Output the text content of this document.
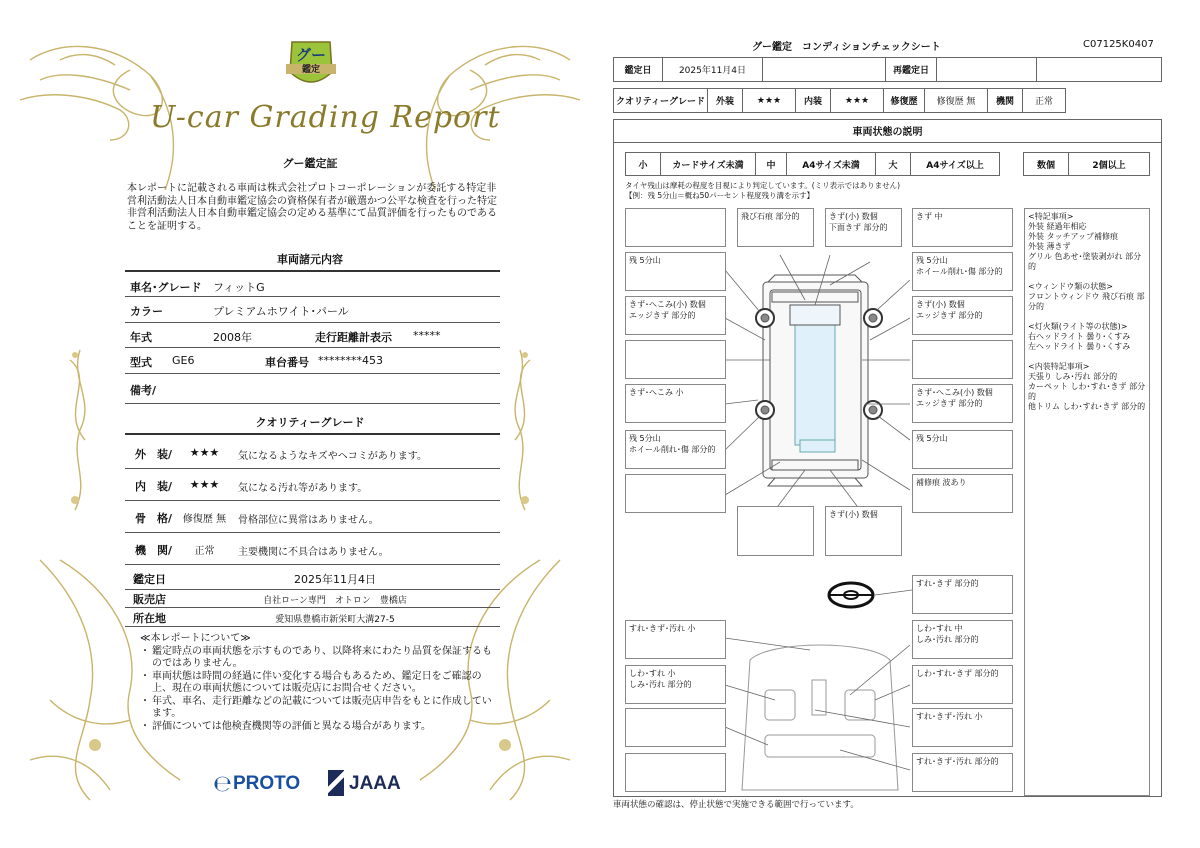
グー
鑑定
U-car Grading Report
グー鑑定証
本レポートに記載される車両は株式会社プロトコーポレーションが委託する特定非営利活動法人日本自動車鑑定協会の資格保有者が厳選かつ公平な検査を行った特定非営利活動法人日本自動車鑑定協会の定める基準にて品質評価を行ったものであることを証明する。
車両諸元内容
車名･グレード フィットG
カラー	プレミアムホワイト･パール
年式	2008年	走行距離計表示 *****
型式 GE6	車台番号 ********453
備考/
クオリティーグレード
外　装/	★★★	気になるようなキズやヘコミがあります。
内　装/	★★★	気になる汚れ等があります。
骨　格/ 修復歴 無 骨格部位に異常はありません。
機　関/	正常	主要機関に不具合はありません。
鑑定日	2025年11月4日
販売店	自社ローン専門　オトロン　豊橋店
所在地	愛知県豊橋市新栄町大溝27-5
≪本レポートについて≫
・ 鑑定時点の車両状態を示すものであり、以降将来にわたり品質を保証するものではありません。
・ 車両状態は時間の経過に伴い変化する場合もあるため、鑑定日をご確認の上、現在の車両状態については販売店にお問合せください。
・ 年式、車名、走行距離などの記載については販売店申告をもとに作成しています。
・ 評価については他検査機関等の評価と異なる場合があります。
℮ PROTO	JAAA
グー鑑定　コンディションチェックシート	C07125K0407
鑑定日	2025年11月4日	再鑑定日
クオリティーグレード	外装	★★★	内装	★★★	修復歴	修復歴 無	機関	正常
車両状態の説明
小	カードサイズ未満	中	A4サイズ未満	大	A4サイズ以上	数個	2個以上
タイヤ残山は摩耗の程度を目視により判定しています。(ミリ表示ではありません)
【例：残 5分山＝概ね50パーセント程度残り溝を示す】
飛び石痕 部分的	きず(小) 数個
下面きず 部分的
きず 中
残 5分山	残 5分山
ホイール削れ･傷 部分的
きず･へこみ(小) 数個
エッジきず 部分的
きず(小) 数個
エッジきず 部分的
きず･へこみ 小	きず･へこみ(小) 数個
エッジきず 部分的
残 5分山
ホイール削れ･傷 部分的
残 5分山
補修痕 波あり
きず(小) 数個
すれ･きず 部分的
すれ･きず･汚れ 小	しわ･すれ 中
しみ･汚れ 部分的
しわ･すれ 小
しみ･汚れ 部分的
しわ･すれ･きず 部分的
すれ･きず･汚れ 小
すれ･きず･汚れ 部分的
<特記事項>
外装 経過年相応
外装 タッチアップ補修痕
外装 薄きず
グリル 色あせ･塗装剥がれ 部分的
<ウィンドウ類の状態>
フロントウィンドウ 飛び石痕 部分的
<灯火類(ライト等の状態)>
右ヘッドライト 曇り･くすみ
左ヘッドライト 曇り･くすみ
<内装特記事項>
天張り しみ･汚れ 部分的
カーペット しわ･すれ･きず 部分的
他トリム しわ･すれ･きず 部分的
車両状態の確認は、停止状態で実施できる範囲で行っています。
